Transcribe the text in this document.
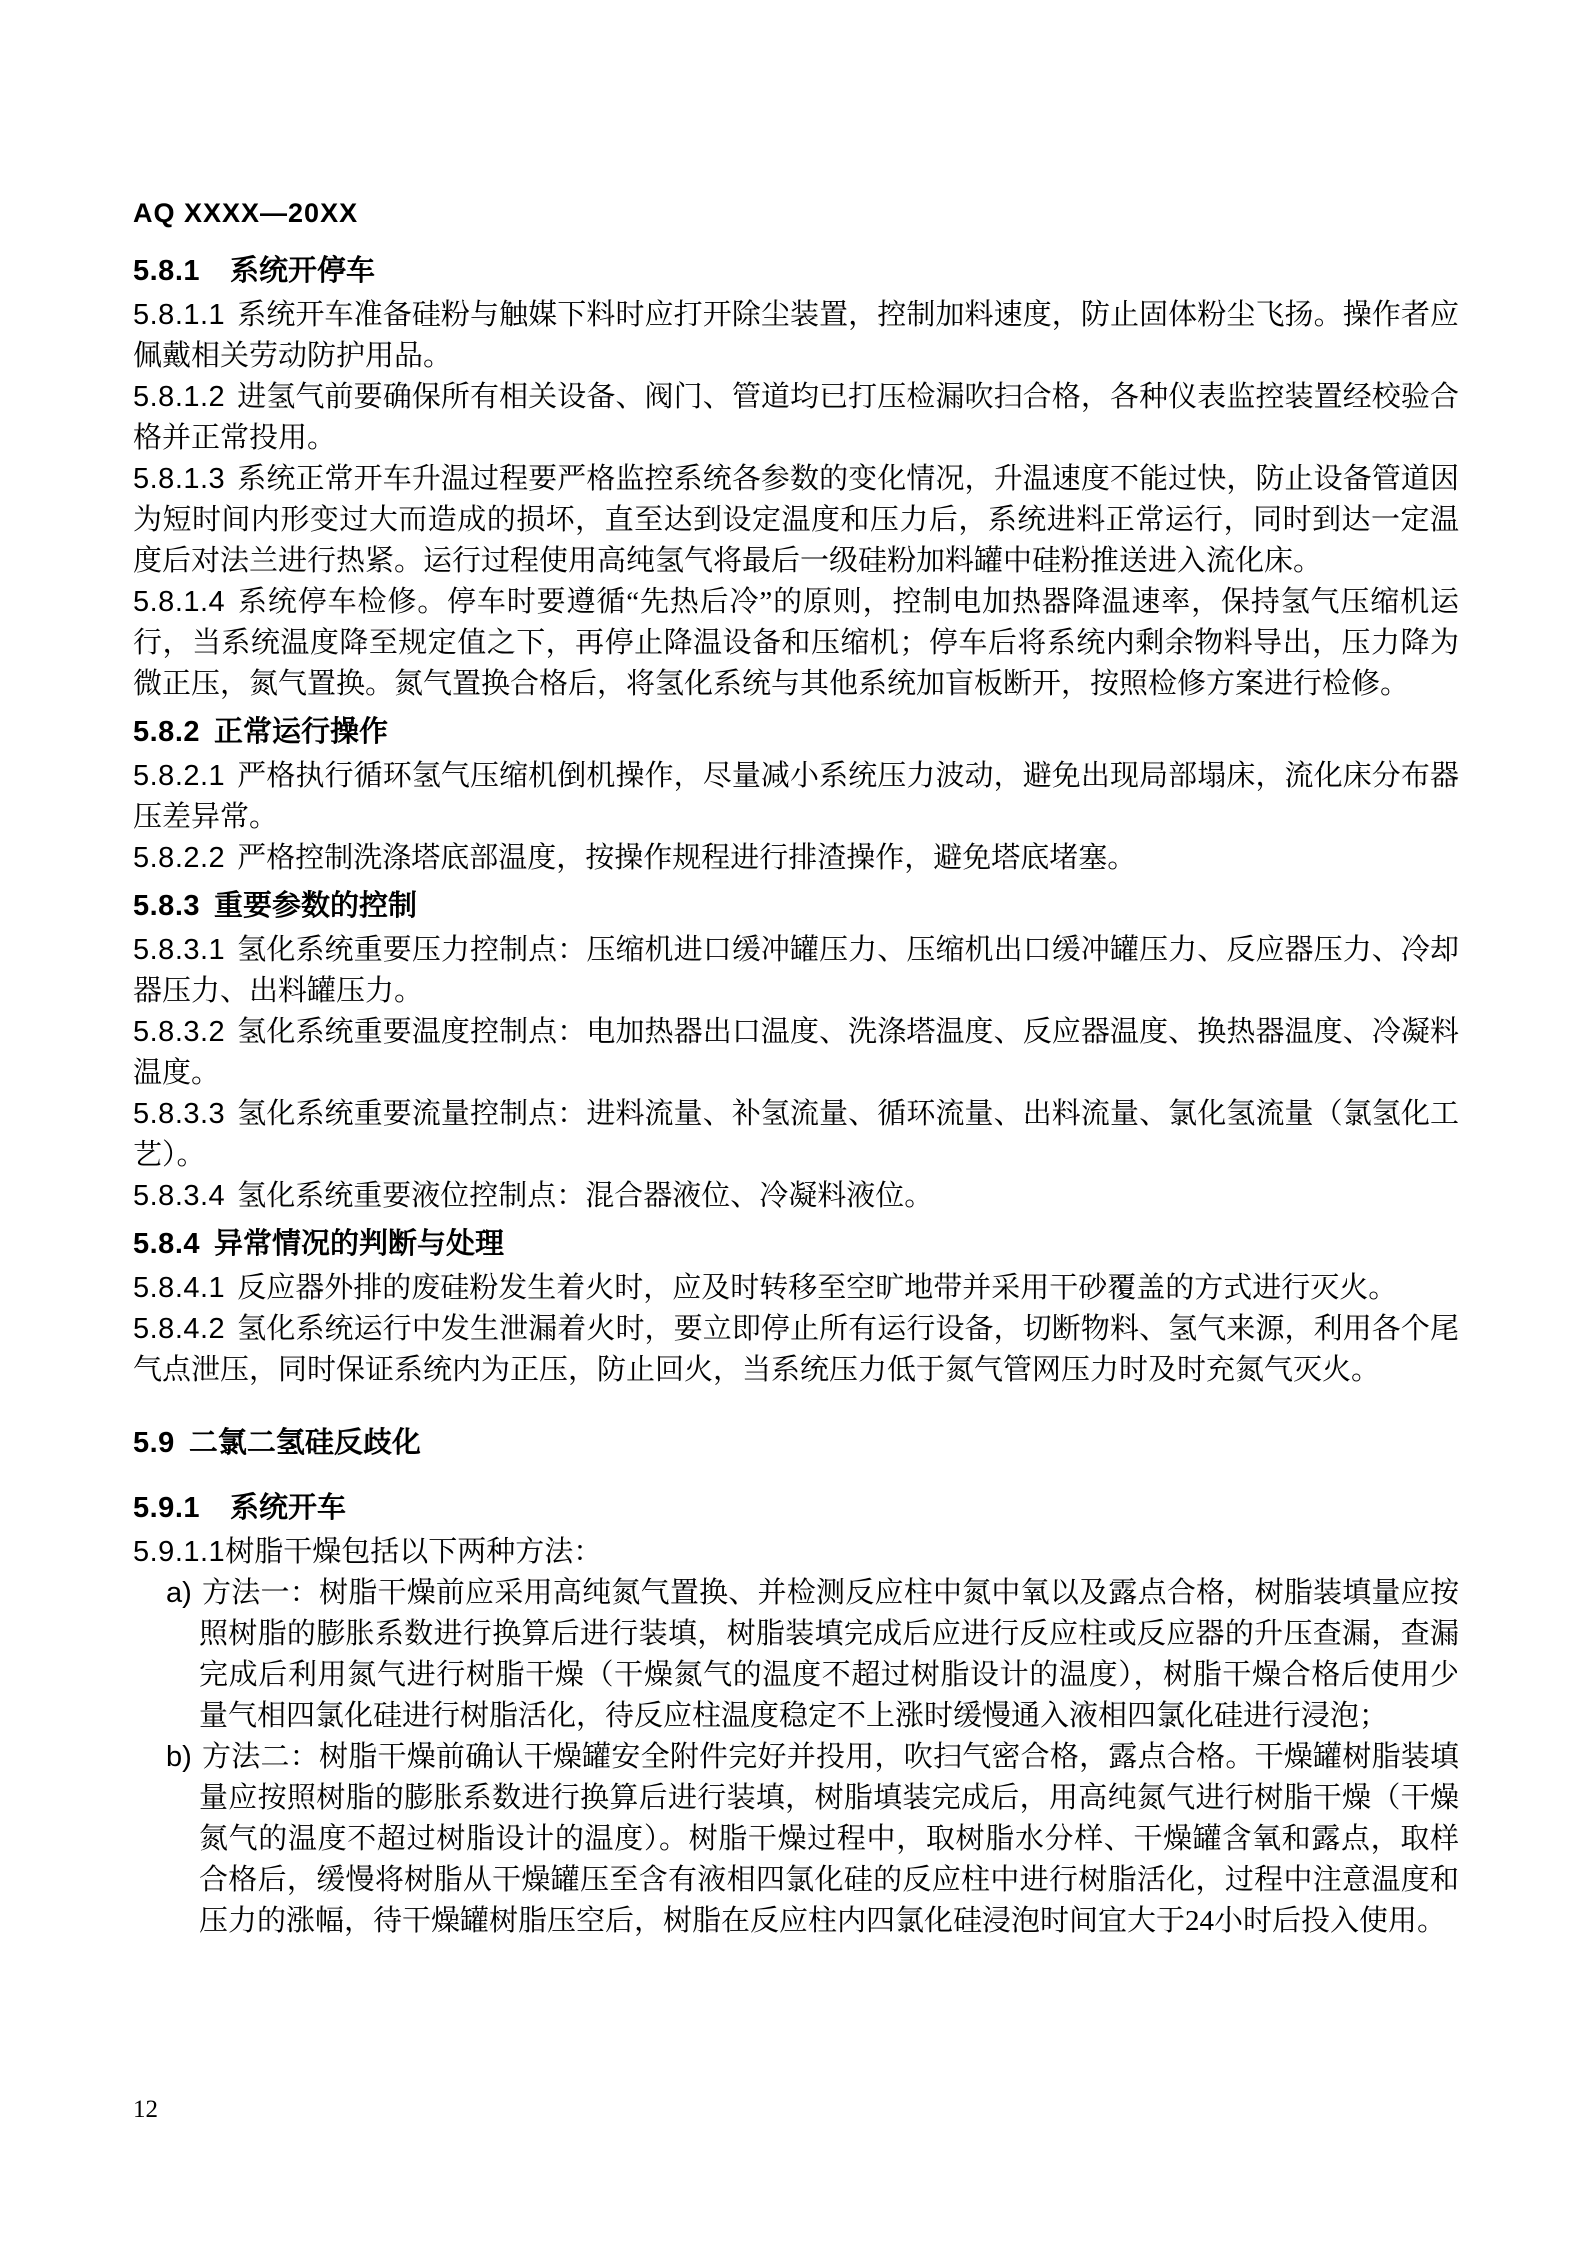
AQ XXXX—20XX
5.8.1 系统开停车

5.8.1.1 系统开车准备硅粉与触媒下料时应打开除尘装置，控制加料速度，防止固体粉尘飞扬。操作者应佩戴相关劳动防护用品。

5.8.1.2 进氢气前要确保所有相关设备、阀门、管道均已打压检漏吹扫合格，各种仪表监控装置经校验合格并正常投用。

5.8.1.3 系统正常开车升温过程要严格监控系统各参数的变化情况，升温速度不能过快，防止设备管道因为短时间内形变过大而造成的损坏，直至达到设定温度和压力后，系统进料正常运行，同时到达一定温度后对法兰进行热紧。运行过程使用高纯氢气将最后一级硅粉加料罐中硅粉推送进入流化床。

5.8.1.4 系统停车检修。停车时要遵循“先热后冷”的原则，控制电加热器降温速率，保持氢气压缩机运行，当系统温度降至规定值之下，再停止降温设备和压缩机；停车后将系统内剩余物料导出，压力降为微正压，氮气置换。氮气置换合格后，将氢化系统与其他系统加盲板断开，按照检修方案进行检修。

5.8.2 正常运行操作

5.8.2.1 严格执行循环氢气压缩机倒机操作，尽量减小系统压力波动，避免出现局部塌床，流化床分布器压差异常。

5.8.2.2 严格控制洗涤塔底部温度，按操作规程进行排渣操作，避免塔底堵塞。

5.8.3 重要参数的控制

5.8.3.1 氢化系统重要压力控制点：压缩机进口缓冲罐压力、压缩机出口缓冲罐压力、反应器压力、冷却器压力、出料罐压力。

5.8.3.2 氢化系统重要温度控制点：电加热器出口温度、洗涤塔温度、反应器温度、换热器温度、冷凝料温度。

5.8.3.3 氢化系统重要流量控制点：进料流量、补氢流量、循环流量、出料流量、氯化氢流量（氯氢化工艺）。

5.8.3.4 氢化系统重要液位控制点：混合器液位、冷凝料液位。

5.8.4 异常情况的判断与处理

5.8.4.1 反应器外排的废硅粉发生着火时，应及时转移至空旷地带并采用干砂覆盖的方式进行灭火。

5.8.4.2 氢化系统运行中发生泄漏着火时，要立即停止所有运行设备，切断物料、氢气来源，利用各个尾气点泄压，同时保证系统内为正压，防止回火，当系统压力低于氮气管网压力时及时充氮气灭火。

5.9 二氯二氢硅反歧化
5.9.1 系统开车

5.9.1.1树脂干燥包括以下两种方法：

a) 方法一：树脂干燥前应采用高纯氮气置换、并检测反应柱中氮中氧以及露点合格，树脂装填量应按照树脂的膨胀系数进行换算后进行装填，树脂装填完成后应进行反应柱或反应器的升压查漏，查漏完成后利用氮气进行树脂干燥（干燥氮气的温度不超过树脂设计的温度），树脂干燥合格后使用少量气相四氯化硅进行树脂活化，待反应柱温度稳定不上涨时缓慢通入液相四氯化硅进行浸泡；

b) 方法二：树脂干燥前确认干燥罐安全附件完好并投用，吹扫气密合格，露点合格。干燥罐树脂装填量应按照树脂的膨胀系数进行换算后进行装填，树脂填装完成后，用高纯氮气进行树脂干燥（干燥氮气的温度不超过树脂设计的温度）。树脂干燥过程中，取树脂水分样、干燥罐含氧和露点，取样合格后，缓慢将树脂从干燥罐压至含有液相四氯化硅的反应柱中进行树脂活化，过程中注意温度和压力的涨幅，待干燥罐树脂压空后，树脂在反应柱内四氯化硅浸泡时间宜大于24小时后投入使用。

12
